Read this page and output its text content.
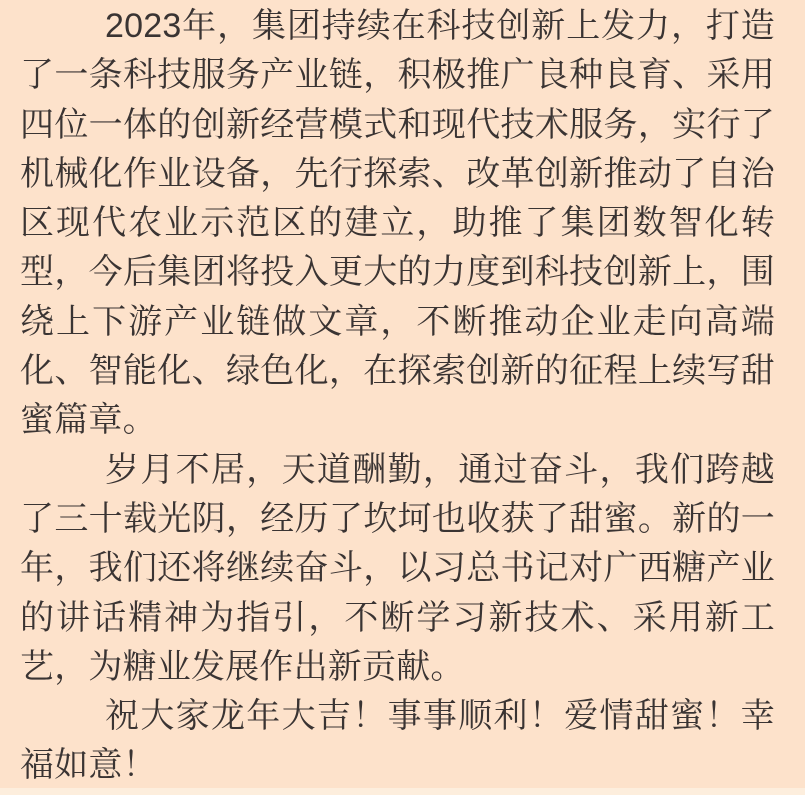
2023年，集团持续在科技创新上发力，打造了一条科技服务产业链，积极推广良种良育、采用四位一体的创新经营模式和现代技术服务，实行了机械化作业设备，先行探索、改革创新推动了自治区现代农业示范区的建立，助推了集团数智化转型，今后集团将投入更大的力度到科技创新上，围绕上下游产业链做文章，不断推动企业走向高端化、智能化、绿色化，在探索创新的征程上续写甜蜜篇章。

岁月不居，天道酬勤，通过奋斗，我们跨越了三十载光阴，经历了坎坷也收获了甜蜜。新的一年，我们还将继续奋斗，以习总书记对广西糖产业的讲话精神为指引，不断学习新技术、采用新工艺，为糖业发展作出新贡献。

祝大家龙年大吉！事事顺利！爱情甜蜜！幸福如意！
